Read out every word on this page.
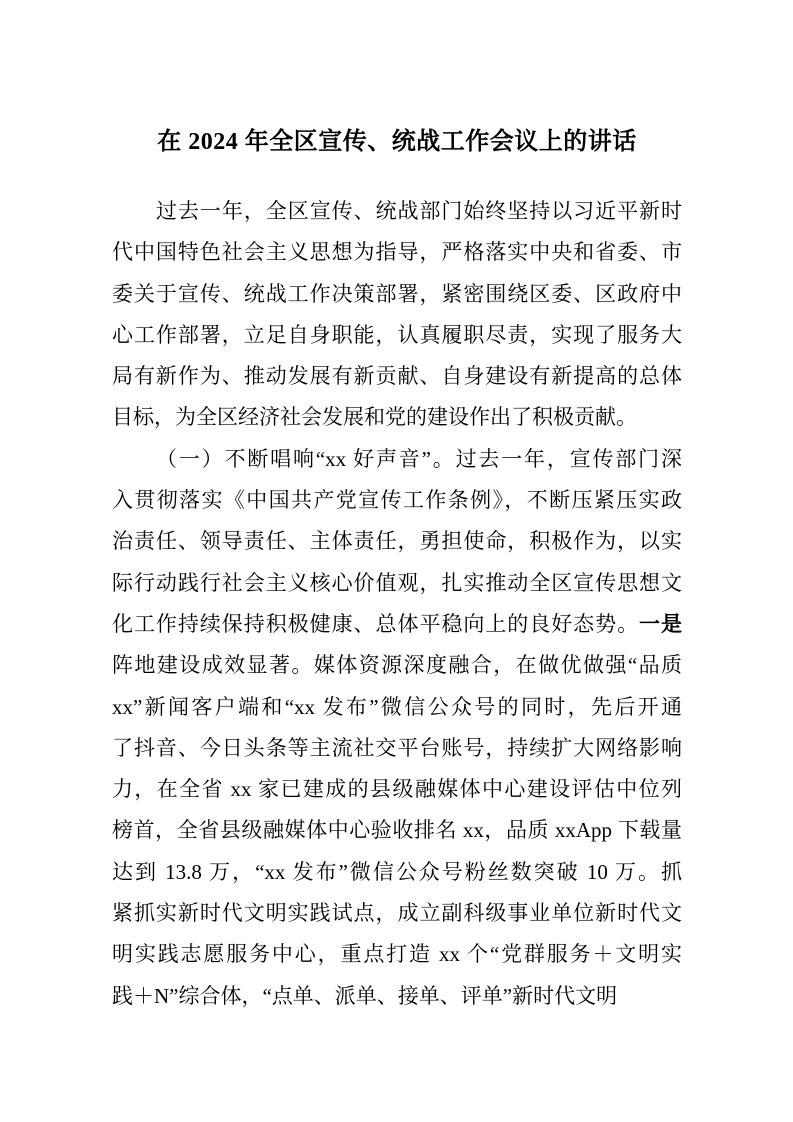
在 2024 年全区宣传、统战工作会议上的讲话
过去一年，全区宣传、统战部门始终坚持以习近平新时
代中国特色社会主义思想为指导，严格落实中央和省委、市
委关于宣传、统战工作决策部署，紧密围绕区委、区政府中
心工作部署，立足自身职能，认真履职尽责，实现了服务大
局有新作为、推动发展有新贡献、自身建设有新提高的总体
目标，为全区经济社会发展和党的建设作出了积极贡献。
（一）不断唱响“xx 好声音”。过去一年，宣传部门深
入贯彻落实《中国共产党宣传工作条例》，不断压紧压实政
治责任、领导责任、主体责任，勇担使命，积极作为，以实
际行动践行社会主义核心价值观，扎实推动全区宣传思想文
化工作持续保持积极健康、总体平稳向上的良好态势。一是
阵地建设成效显著。媒体资源深度融合，在做优做强“品质
xx”新闻客户端和“xx 发布”微信公众号的同时，先后开通
了抖音、今日头条等主流社交平台账号，持续扩大网络影响
力，在全省 xx 家已建成的县级融媒体中心建设评估中位列
榜首，全省县级融媒体中心验收排名 xx，品质 xxApp 下载量
达到 13.8 万，“xx 发布”微信公众号粉丝数突破 10 万。抓
紧抓实新时代文明实践试点，成立副科级事业单位新时代文
明实践志愿服务中心，重点打造 xx 个“党群服务＋文明实
践＋N”综合体，“点单、派单、接单、评单”新时代文明
